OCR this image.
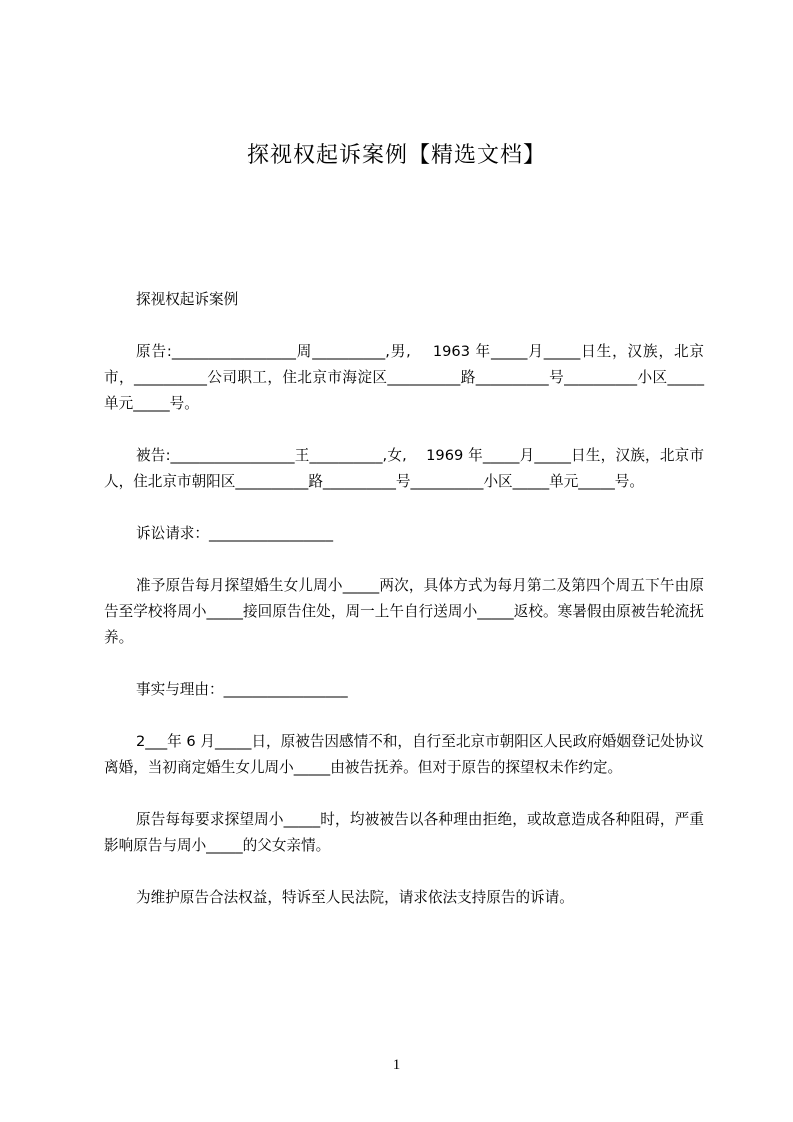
探视权起诉案例【精选文档】

探视权起诉案例

原告:_________________周__________,男,    1963 年_____月_____日生，汉族，北京市，__________公司职工，住北京市海淀区__________路__________号__________小区_____单元_____号。

被告:_________________王__________,女,    1969 年_____月_____日生，汉族，北京市人，住北京市朝阳区__________路__________号__________小区_____单元_____号。

诉讼请求：_________________

准予原告每月探望婚生女儿周小_____两次，具体方式为每月第二及第四个周五下午由原告至学校将周小_____接回原告住处，周一上午自行送周小_____返校。寒暑假由原被告轮流抚养。

事实与理由：_________________

2___年 6 月_____日，原被告因感情不和，自行至北京市朝阳区人民政府婚姻登记处协议离婚，当初商定婚生女儿周小_____由被告抚养。但对于原告的探望权未作约定。

原告每每要求探望周小_____时，均被被告以各种理由拒绝，或故意造成各种阻碍，严重影响原告与周小_____的父女亲情。

为维护原告合法权益，特诉至人民法院，请求依法支持原告的诉请。

1
